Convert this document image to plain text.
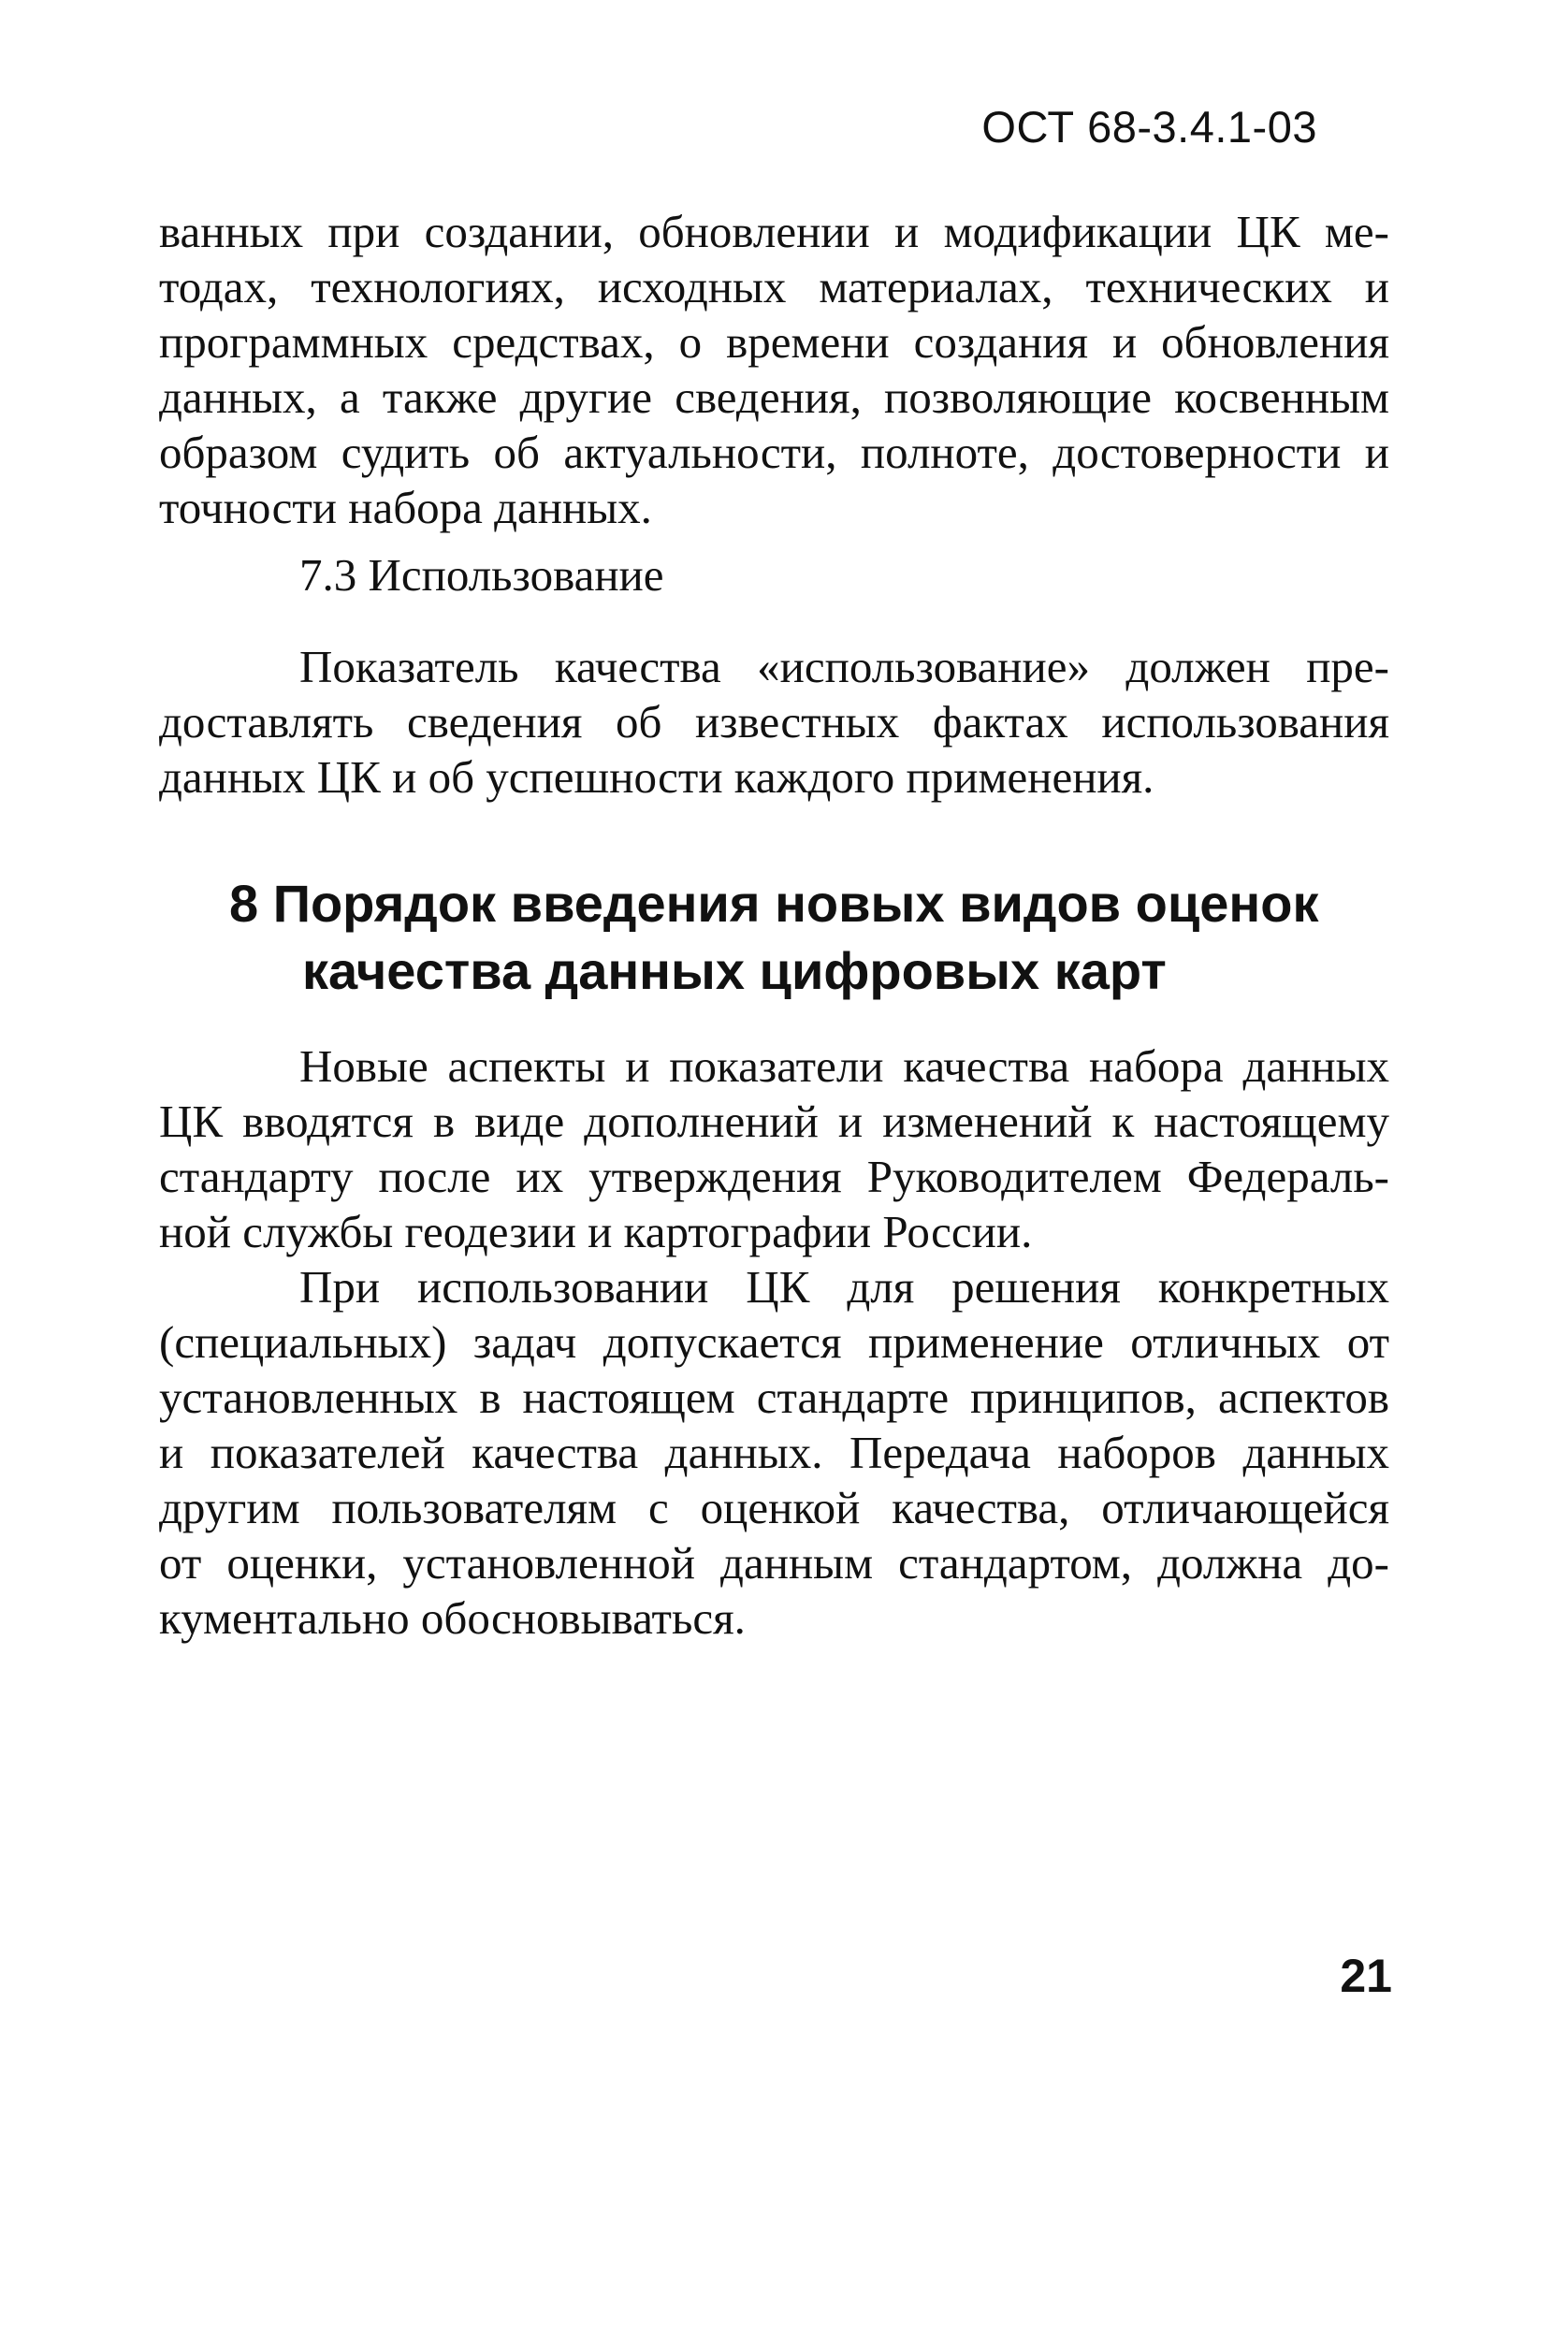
ОСТ 68-3.4.1-03
ванных при создании, обновлении и модификации ЦК ме-
тодах, технологиях, исходных материалах, технических и
программных средствах, о времени создания и обновления
данных, а также другие сведения, позволяющие косвенным
образом судить об актуальности, полноте, достоверности и
точности набора данных.
7.3 Использование
Показатель качества «использование» должен пре-
доставлять сведения об известных фактах использования
данных ЦК и об успешности каждого применения.
8 Порядок введения новых видов оценок
качества данных цифровых карт
Новые аспекты и показатели качества набора данных
ЦК вводятся в виде дополнений и изменений к настоящему
стандарту после их утверждения Руководителем Федераль-
ной службы геодезии и картографии России.
При использовании ЦК для решения конкретных
(специальных) задач допускается применение отличных от
установленных в настоящем стандарте принципов, аспектов
и показателей качества данных. Передача наборов данных
другим пользователям с оценкой качества, отличающейся
от оценки, установленной данным стандартом, должна до-
кументально обосновываться.
21
